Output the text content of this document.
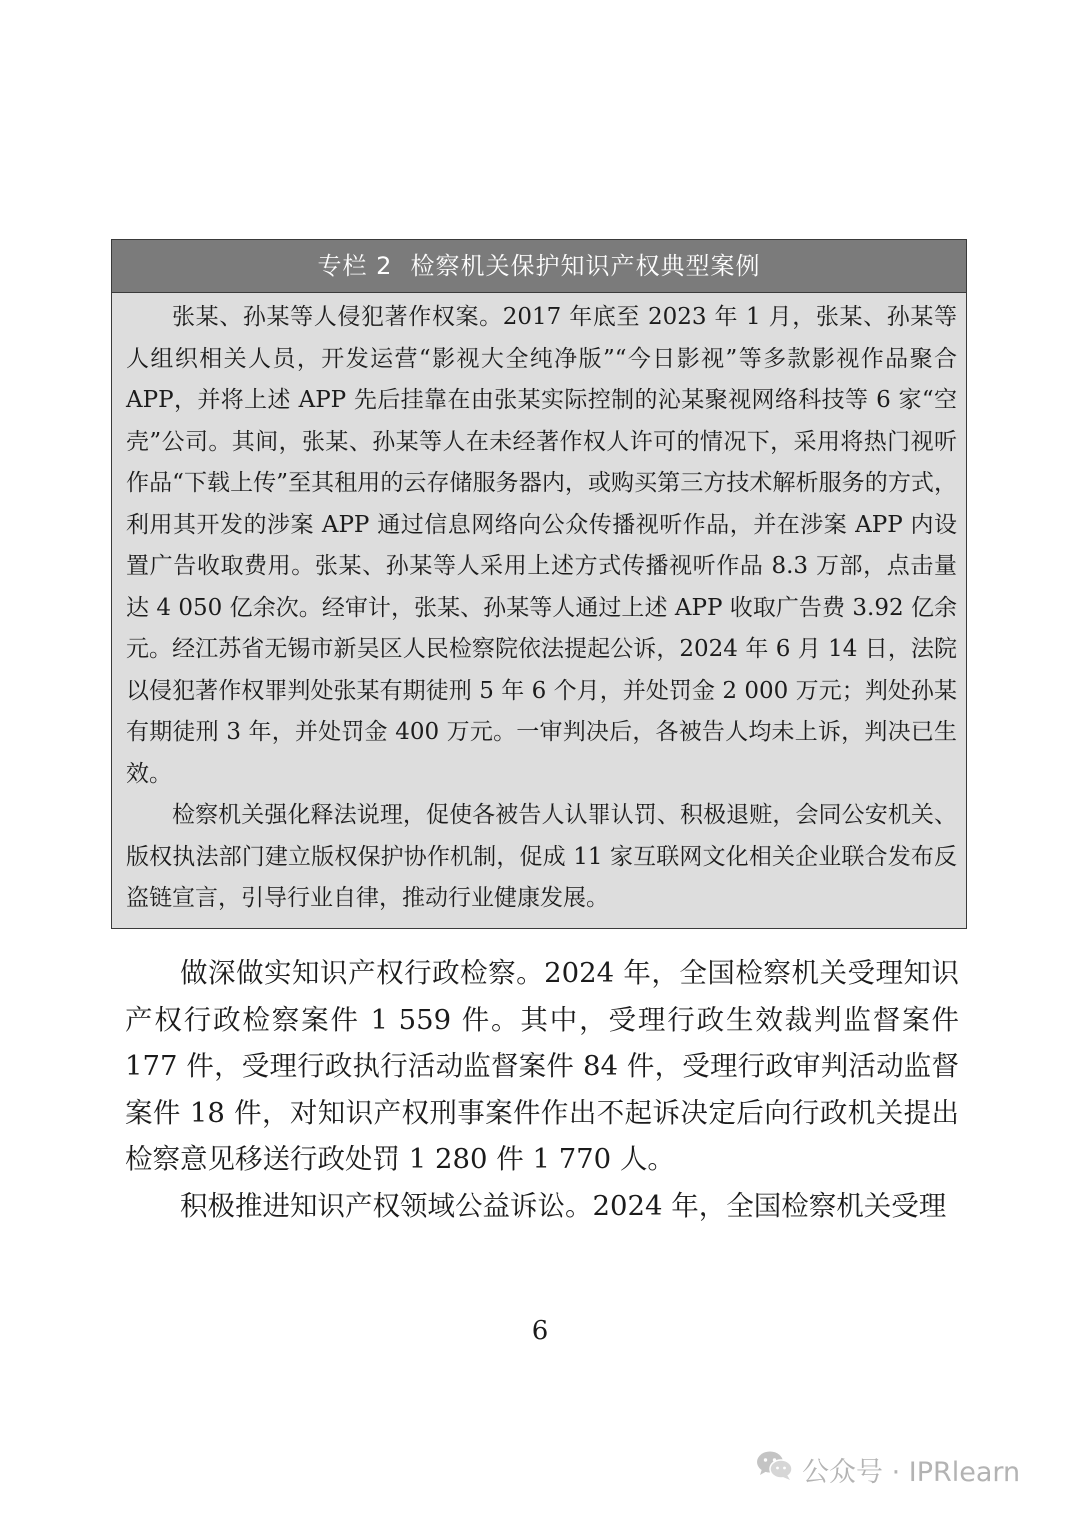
专栏 2 检察机关保护知识产权典型案例

张某、孙某等人侵犯著作权案。2017 年底至 2023 年 1 月，张某、孙某等人组织相关人员，开发运营“影视大全纯净版”“今日影视”等多款影视作品聚合 APP，并将上述 APP 先后挂靠在由张某实际控制的沁某聚视网络科技等 6 家“空壳”公司。其间，张某、孙某等人在未经著作权人许可的情况下，采用将热门视听作品“下载上传”至其租用的云存储服务器内，或购买第三方技术解析服务的方式，利用其开发的涉案 APP 通过信息网络向公众传播视听作品，并在涉案 APP 内设置广告收取费用。张某、孙某等人采用上述方式传播视听作品 8.3 万部，点击量达 4 050 亿余次。经审计，张某、孙某等人通过上述 APP 收取广告费 3.92 亿余元。经江苏省无锡市新吴区人民检察院依法提起公诉，2024 年 6 月 14 日，法院以侵犯著作权罪判处张某有期徒刑 5 年 6 个月，并处罚金 2 000 万元；判处孙某有期徒刑 3 年，并处罚金 400 万元。一审判决后，各被告人均未上诉，判决已生效。

检察机关强化释法说理，促使各被告人认罪认罚、积极退赃，会同公安机关、版权执法部门建立版权保护协作机制，促成 11 家互联网文化相关企业联合发布反盗链宣言，引导行业自律，推动行业健康发展。

做深做实知识产权行政检察。2024 年，全国检察机关受理知识产权行政检察案件 1 559 件。其中，受理行政生效裁判监督案件 177 件，受理行政执行活动监督案件 84 件，受理行政审判活动监督案件 18 件，对知识产权刑事案件作出不起诉决定后向行政机关提出检察意见移送行政处罚 1 280 件 1 770 人。

积极推进知识产权领域公益诉讼。2024 年，全国检察机关受理

6
公众号 · IPRlearn
